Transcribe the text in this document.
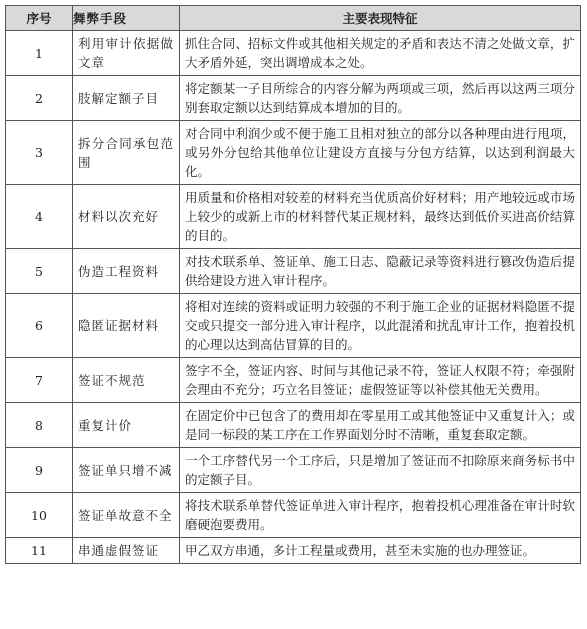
序号	舞弊手段	主要表现特征
1	利用审计依据做文章	抓住合同、招标文件或其他相关规定的矛盾和表达不清之处做文章，扩大矛盾外延，突出调增成本之处。
2	肢解定额子目	将定额某一子目所综合的内容分解为两项或三项，然后再以这两三项分别套取定额以达到结算成本增加的目的。
3	拆分合同承包范围	对合同中利润少或不便于施工且相对独立的部分以各种理由进行甩项，或另外分包给其他单位让建设方直接与分包方结算，以达到利润最大化。
4	材料以次充好	用质量和价格相对较差的材料充当优质高价好材料；用产地较远或市场上较少的或新上市的材料替代某正规材料，最终达到低价买进高价结算的目的。
5	伪造工程资料	对技术联系单、签证单、施工日志、隐蔽记录等资料进行篡改伪造后提供给建设方进入审计程序。
6	隐匿证据材料	将相对连续的资料或证明力较强的不利于施工企业的证据材料隐匿不提交或只提交一部分进入审计程序，以此混淆和扰乱审计工作，抱着投机的心理以达到高估冒算的目的。
7	签证不规范	签字不全，签证内容、时间与其他记录不符，签证人权限不符；牵强附会理由不充分；巧立名目签证；虚假签证等以补偿其他无关费用。
8	重复计价	在固定价中已包含了的费用却在零星用工或其他签证中又重复计入；或是同一标段的某工序在工作界面划分时不清晰，重复套取定额。
9	签证单只增不减	一个工序替代另一个工序后，只是增加了签证而不扣除原来商务标书中的定额子目。
10	签证单故意不全	将技术联系单替代签证单进入审计程序，抱着投机心理准备在审计时软磨硬泡要费用。
11	串通虚假签证	甲乙双方串通，多计工程量或费用，甚至未实施的也办理签证。
